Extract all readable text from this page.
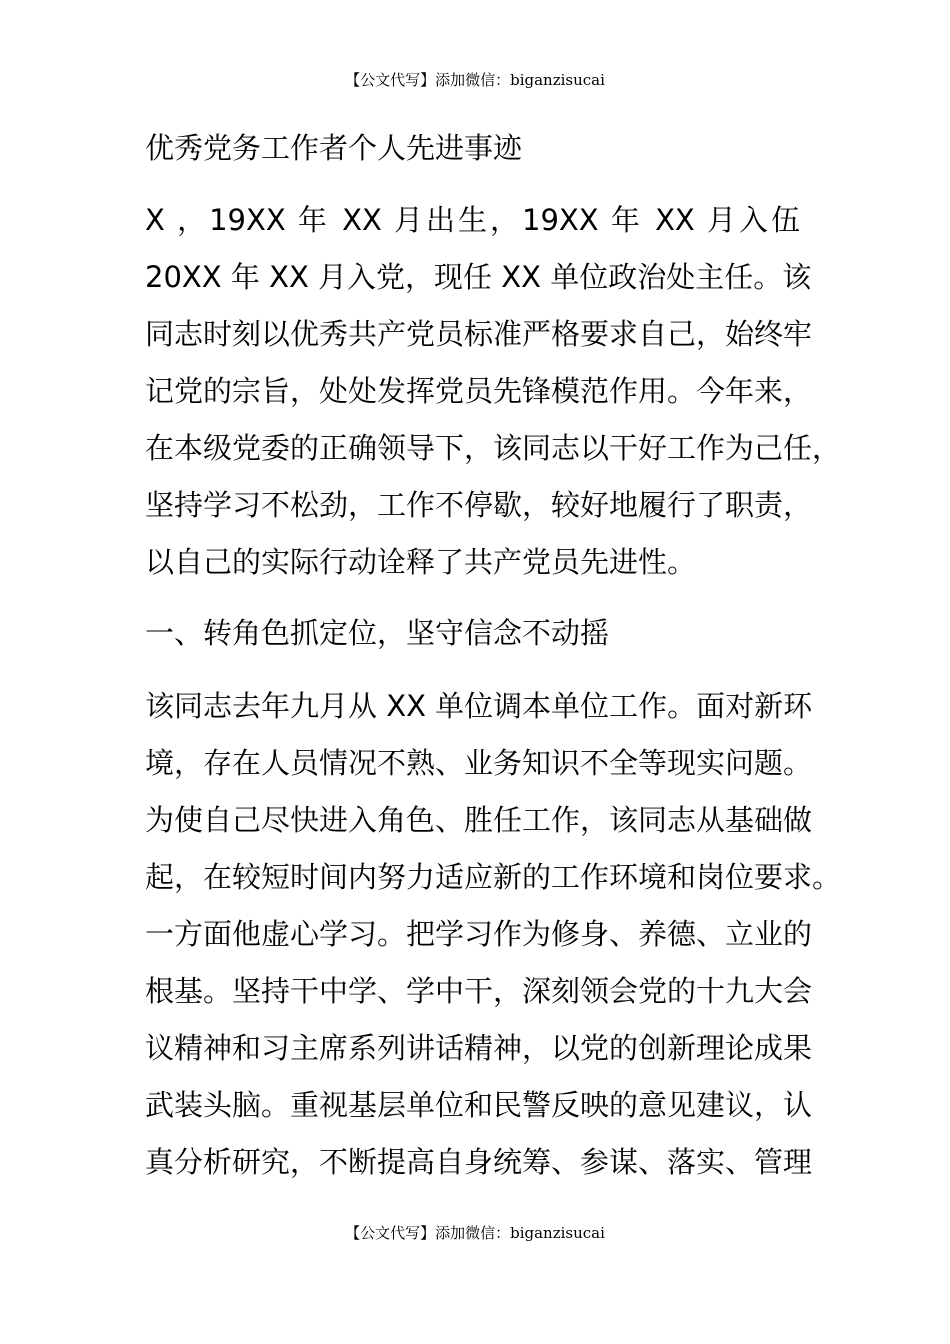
【公文代写】添加微信：biganzisucai
优秀党务工作者个人先进事迹
X ，19XX 年 XX 月出生，19XX 年 XX 月入伍
20XX 年 XX 月入党，现任 XX 单位政治处主任。该
同志时刻以优秀共产党员标准严格要求自己，始终牢
记党的宗旨，处处发挥党员先锋模范作用。今年来，
在本级党委的正确领导下，该同志以干好工作为己任，
坚持学习不松劲，工作不停歇，较好地履行了职责，
以自己的实际行动诠释了共产党员先进性。
一、转角色抓定位，坚守信念不动摇
该同志去年九月从 XX 单位调本单位工作。面对新环
境，存在人员情况不熟、业务知识不全等现实问题。
为使自己尽快进入角色、胜任工作，该同志从基础做
起，在较短时间内努力适应新的工作环境和岗位要求。
一方面他虚心学习。把学习作为修身、养德、立业的
根基。坚持干中学、学中干，深刻领会党的十九大会
议精神和习主席系列讲话精神，以党的创新理论成果
武装头脑。重视基层单位和民警反映的意见建议，认
真分析研究，不断提高自身统筹、参谋、落实、管理
【公文代写】添加微信：biganzisucai
